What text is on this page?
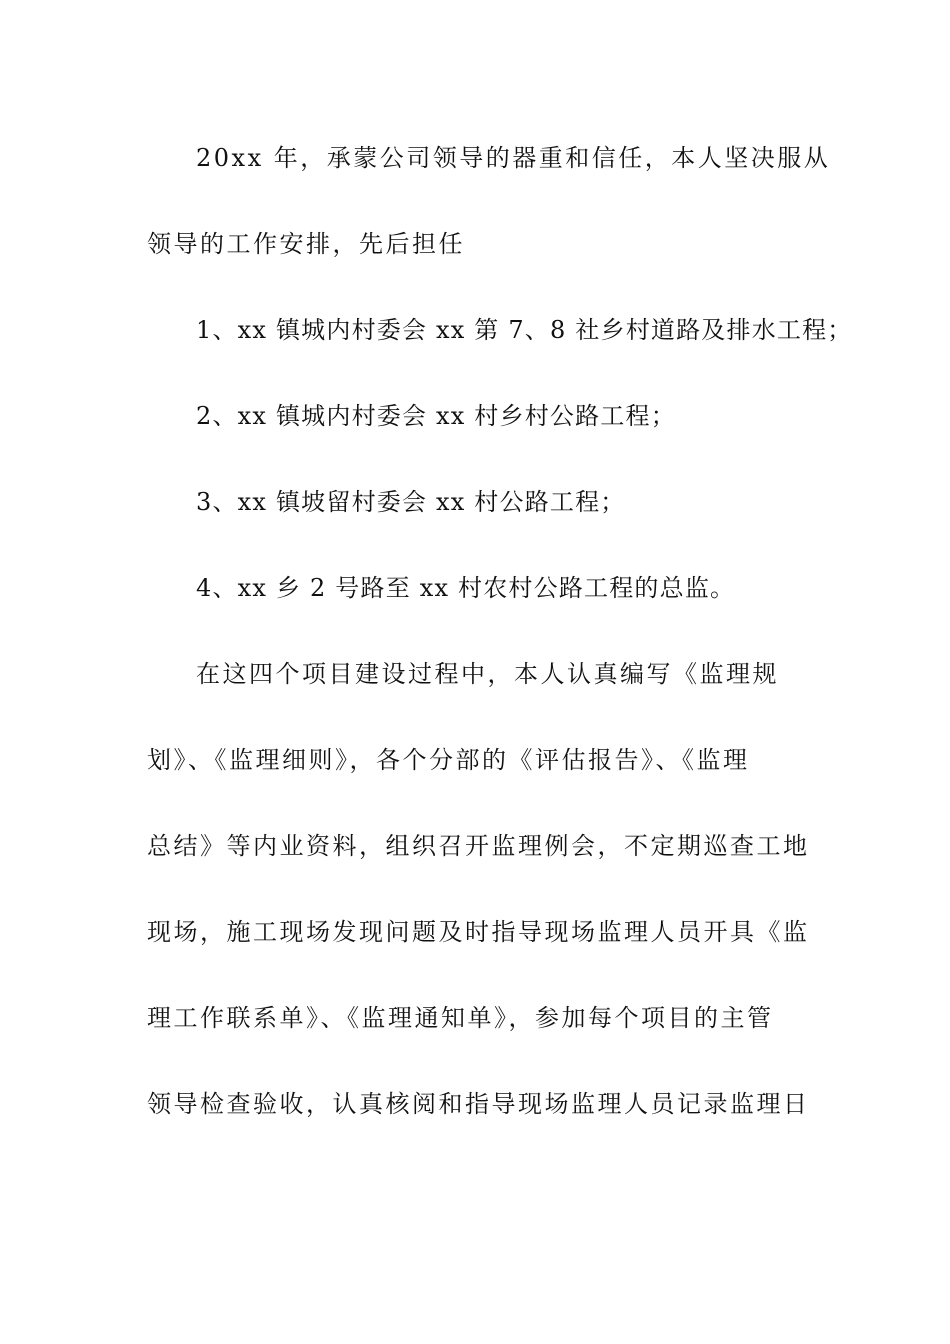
20xx 年，承蒙公司领导的器重和信任，本人坚决服从
领导的工作安排，先后担任
1、xx 镇城内村委会 xx 第 7、8 社乡村道路及排水工程；
2、xx 镇城内村委会 xx 村乡村公路工程；
3、xx 镇坡留村委会 xx 村公路工程；
4、xx 乡 2 号路至 xx 村农村公路工程的总监。
在这四个项目建设过程中，本人认真编写《监理规
划》、《监理细则》，各个分部的《评估报告》、《监理
总结》等内业资料，组织召开监理例会，不定期巡查工地
现场，施工现场发现问题及时指导现场监理人员开具《监
理工作联系单》、《监理通知单》，参加每个项目的主管
领导检查验收，认真核阅和指导现场监理人员记录监理日
